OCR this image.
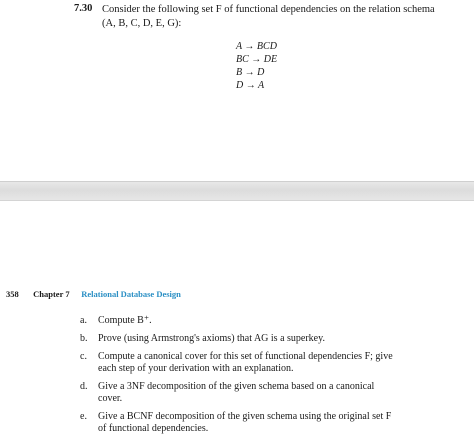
7.30 Consider the following set F of functional dependencies on the relation schema
(A, B, C, D, E, G):
A → BCD
BC → DE
B → D
D → A
358 Chapter 7 Relational Database Design
a. Compute B⁺.
b. Prove (using Armstrong's axioms) that AG is a superkey.
c. Compute a canonical cover for this set of functional dependencies F; give each step of your derivation with an explanation.
d. Give a 3NF decomposition of the given schema based on a canonical cover.
e. Give a BCNF decomposition of the given schema using the original set F of functional dependencies.
